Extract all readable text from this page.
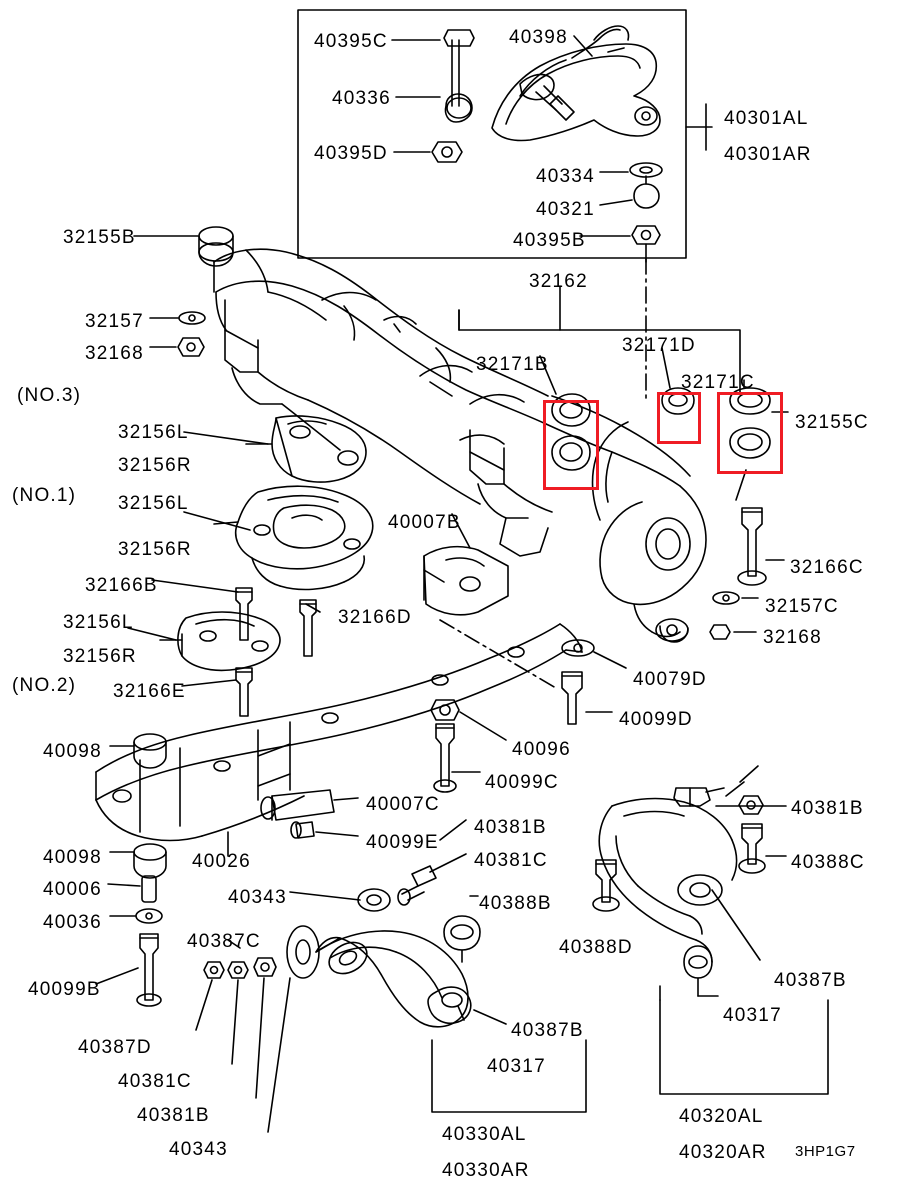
40395C	40398
40336
40301AL
40301AR
40395D
40334
40321
40395B
32155B
32162
32157
32168	32171D
32171B
32171C
(NO.3)
32156L	32155C
32156R
(NO.1) 32156L
40007B
32156R
32166B
32166C
32156L	32166D
32157C
32156R
32168
(NO.2) 32166E
40079D
40099D
40096
40098
40099C
40007C	40381B
40381B
40099E
40098	40026	40381C	40388C
40006	40343	40388B
40036
40387C	40388D
40099B	40387B
40317
40387B
40387D
40317
40381C
40320AL
40381B
40330AL
40320AR
40343
40330AR
3HP1G7
